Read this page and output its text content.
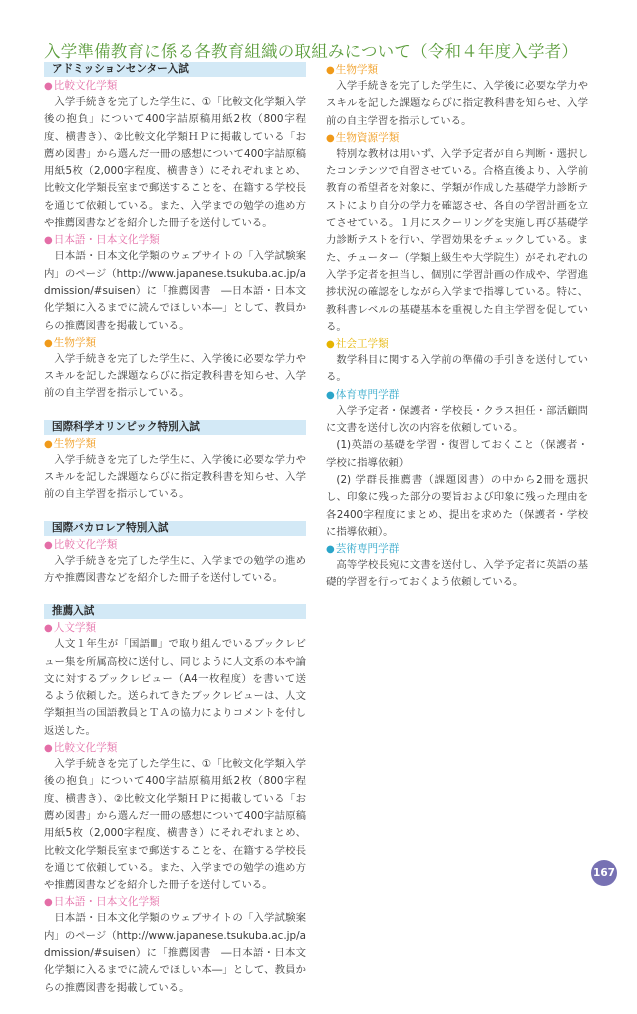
入学準備教育に係る各教育組織の取組みについて（令和４年度入学者）
アドミッションセンター入試
●比較文化学類

入学手続きを完了した学生に、①「比較文化学類入学後の抱負」について400字詰原稿用紙2枚（800字程度、横書き）、②比較文化学類ＨＰに掲載している「お薦め図書」から選んだ一冊の感想について400字詰原稿用紙5枚（2,000字程度、横書き）にそれぞれまとめ、比較文化学類長室まで郵送することを、在籍する学校長を通じて依頼している。また、入学までの勉学の進め方や推薦図書などを紹介した冊子を送付している。

●日本語・日本文化学類

日本語・日本文化学類のウェブサイトの「入学試験案内」のページ（http://www.japanese.tsukuba.ac.jp/admission/#suisen）に「推薦図書　―日本語・日本文化学類に入るまでに読んでほしい本―」として、教員からの推薦図書を掲載している。

●生物学類

入学手続きを完了した学生に、入学後に必要な学力やスキルを記した課題ならびに指定教科書を知らせ、入学前の自主学習を指示している。

国際科学オリンピック特別入試
●生物学類

入学手続きを完了した学生に、入学後に必要な学力やスキルを記した課題ならびに指定教科書を知らせ、入学前の自主学習を指示している。

国際バカロレア特別入試
●比較文化学類

入学手続きを完了した学生に、入学までの勉学の進め方や推薦図書などを紹介した冊子を送付している。

推薦入試
●人文学類

人文１年生が「国語Ⅲ」で取り組んでいるブックレビュー集を所属高校に送付し、同じように人文系の本や論文に対するブックレビュー（A4一枚程度）を書いて送るよう依頼した。送られてきたブックレビューは、人文学類担当の国語教員とＴＡの協力によりコメントを付し返送した。

●比較文化学類

入学手続きを完了した学生に、①「比較文化学類入学後の抱負」について400字詰原稿用紙2枚（800字程度、横書き）、②比較文化学類ＨＰに掲載している「お薦め図書」から選んだ一冊の感想について400字詰原稿用紙5枚（2,000字程度、横書き）にそれぞれまとめ、比較文化学類長室まで郵送することを、在籍する学校長を通じて依頼している。また、入学までの勉学の進め方や推薦図書などを紹介した冊子を送付している。

●日本語・日本文化学類

日本語・日本文化学類のウェブサイトの「入学試験案内」のページ（http://www.japanese.tsukuba.ac.jp/admission/#suisen）に「推薦図書　―日本語・日本文化学類に入るまでに読んでほしい本―」として、教員からの推薦図書を掲載している。

●生物学類

入学手続きを完了した学生に、入学後に必要な学力やスキルを記した課題ならびに指定教科書を知らせ、入学前の自主学習を指示している。

●生物資源学類

特別な教材は用いず、入学予定者が自ら判断・選択したコンテンツで自習させている。合格直後より、入学前教育の希望者を対象に、学類が作成した基礎学力診断テストにより自分の学力を確認させ、各自の学習計画を立てさせている。１月にスクーリングを実施し再び基礎学力診断テストを行い、学習効果をチェックしている。また、チューター（学類上級生や大学院生）がそれぞれの入学予定者を担当し、個別に学習計画の作成や、学習進捗状況の確認をしながら入学まで指導している。特に、教科書レベルの基礎基本を重視した自主学習を促している。

●社会工学類

数学科目に関する入学前の準備の手引きを送付している。

●体育専門学群

入学予定者・保護者・学校長・クラス担任・部活顧問に文書を送付し次の内容を依頼している。

(1)英語の基礎を学習・復習しておくこと（保護者・学校に指導依頼）

(2) 学群長推薦書（課題図書）の中から2冊を選択し、印象に残った部分の要旨および印象に残った理由を各2400字程度にまとめ、提出を求めた（保護者・学校に指導依頼）。

●芸術専門学群

高等学校長宛に文書を送付し、入学予定者に英語の基礎的学習を行っておくよう依頼している。

167
